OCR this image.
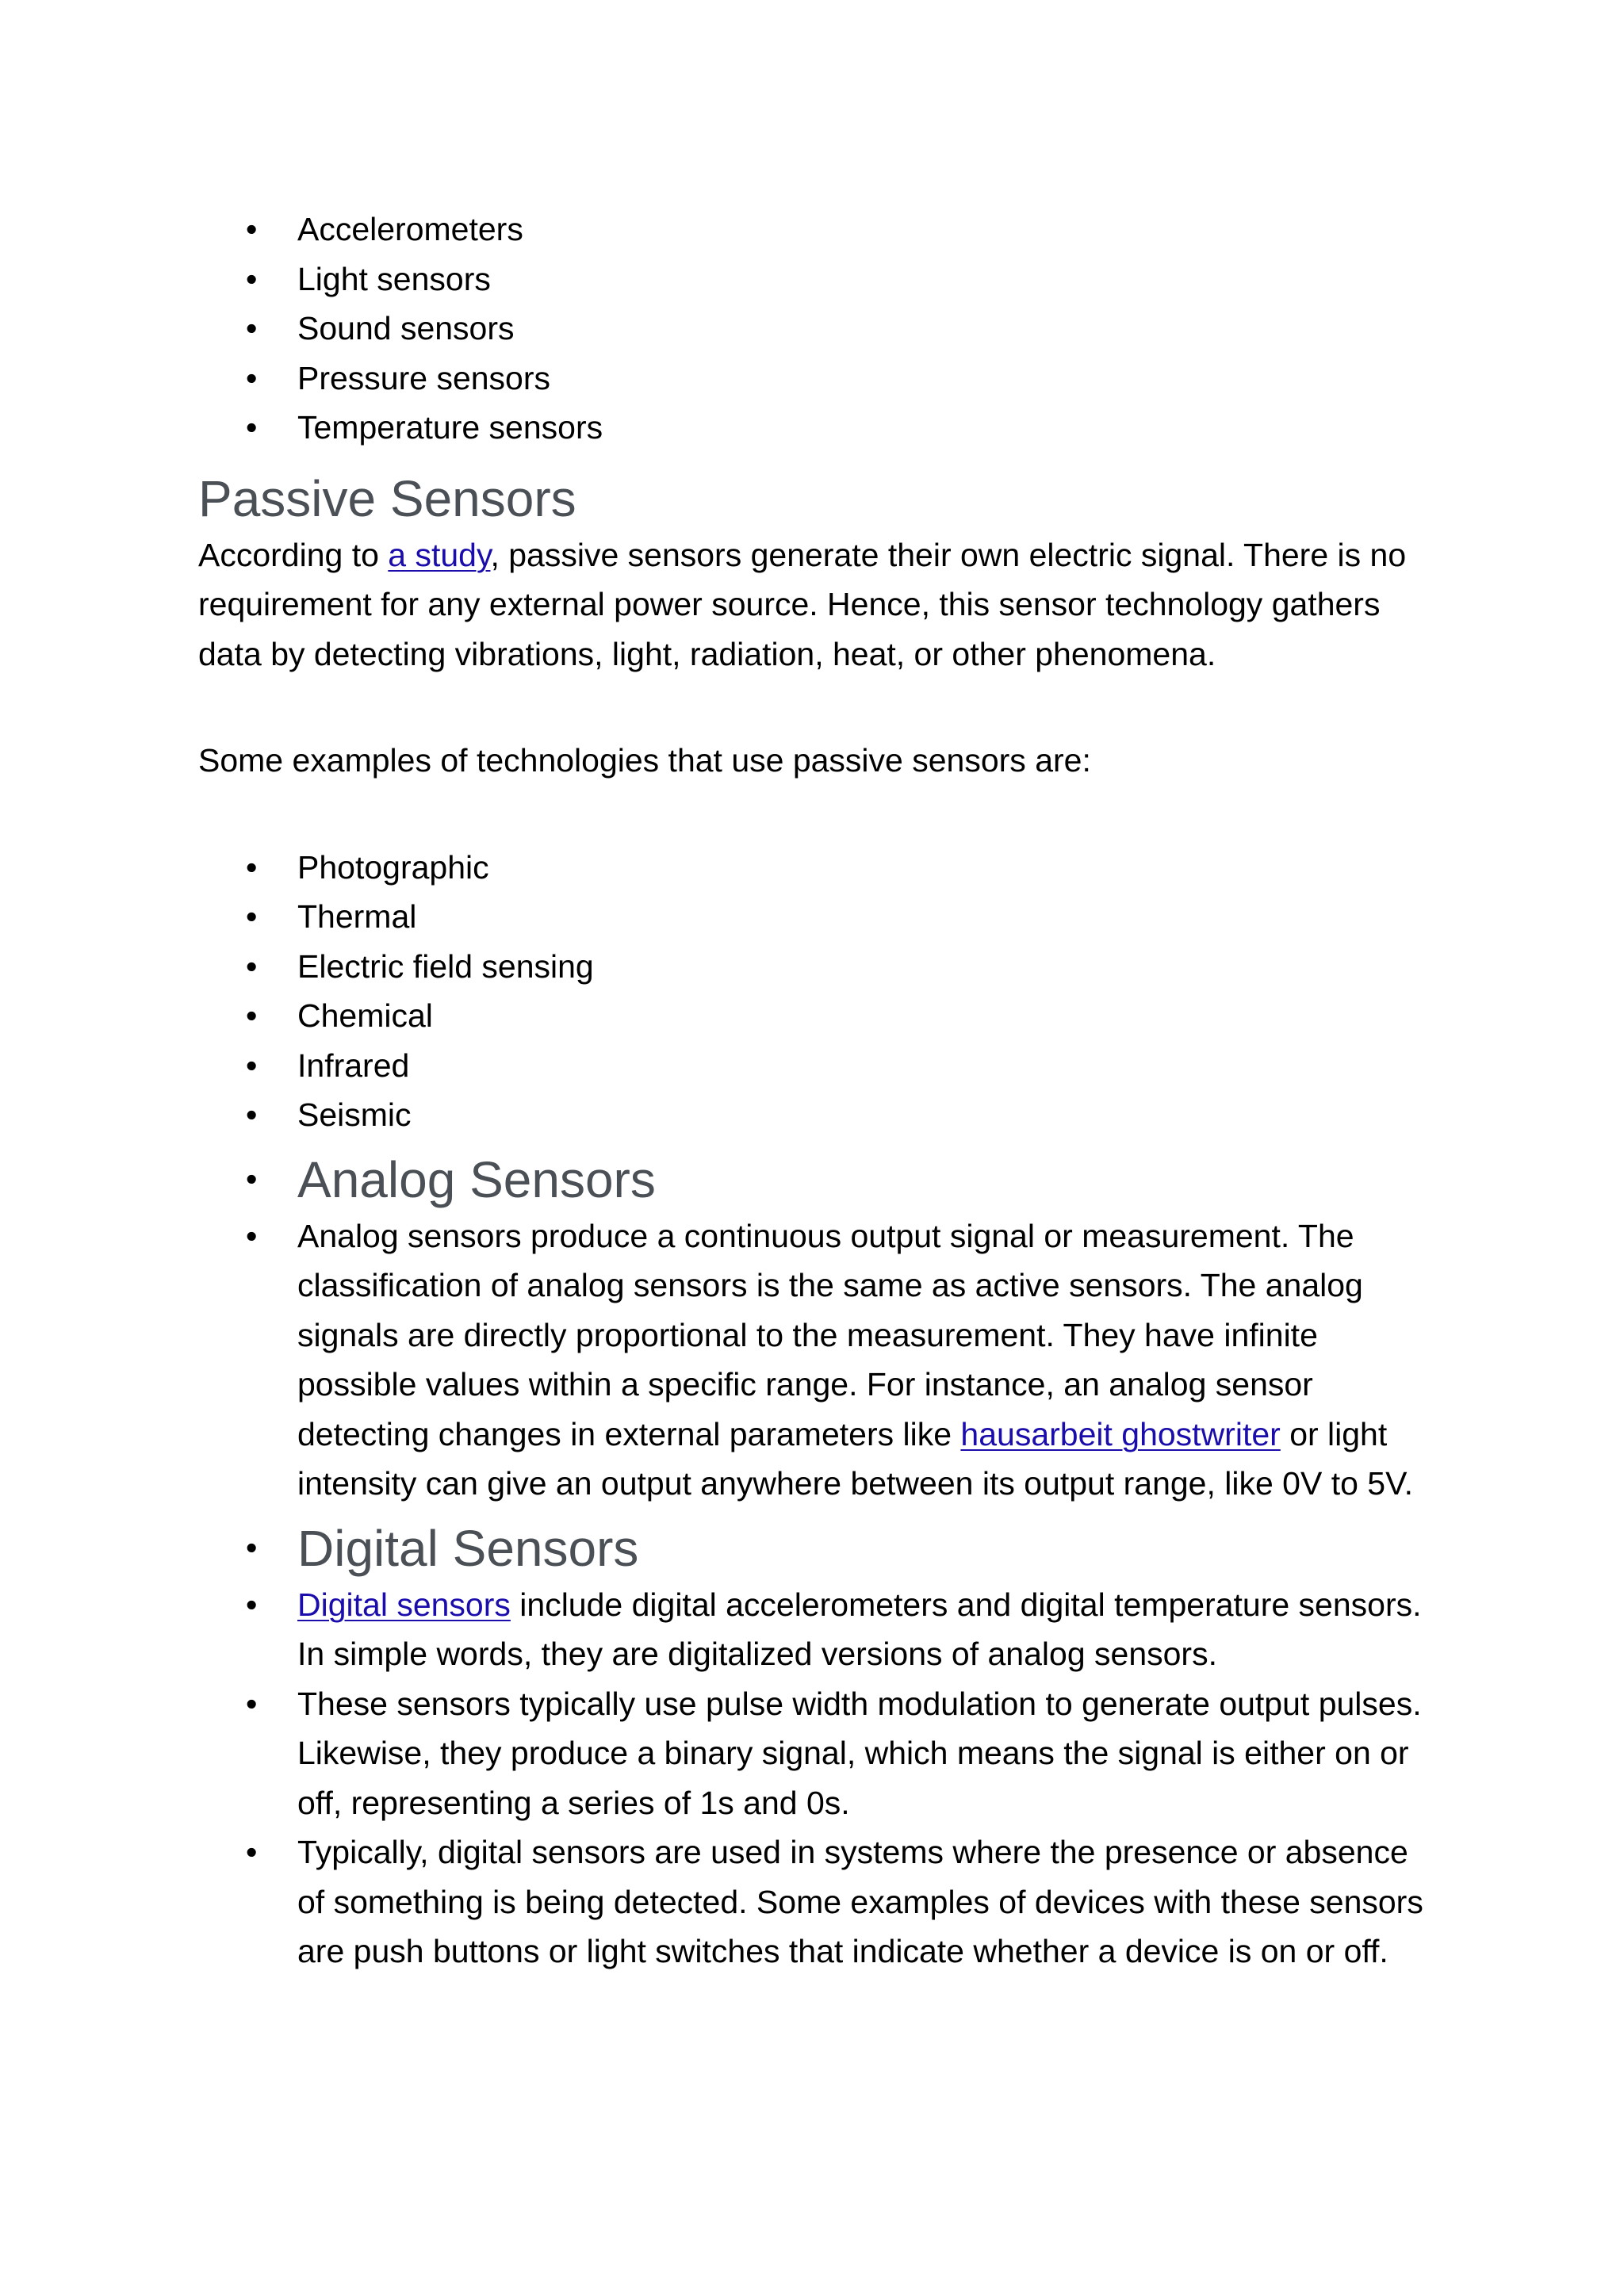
• Accelerometers
• Light sensors
• Sound sensors
• Pressure sensors
• Temperature sensors
Passive Sensors

According to a study, passive sensors generate their own electric signal. There is no requirement for any external power source. Hence, this sensor technology gathers data by detecting vibrations, light, radiation, heat, or other phenomena.

Some examples of technologies that use passive sensors are:

• Photographic
• Thermal
• Electric field sensing
• Chemical
• Infrared
• Seismic
• Analog Sensors
• Analog sensors produce a continuous output signal or measurement. The classification of analog sensors is the same as active sensors. The analog signals are directly proportional to the measurement. They have infinite possible values within a specific range. For instance, an analog sensor detecting changes in external parameters like hausarbeit ghostwriter or light intensity can give an output anywhere between its output range, like 0V to 5V.
• Digital Sensors
• Digital sensors include digital accelerometers and digital temperature sensors. In simple words, they are digitalized versions of analog sensors.
• These sensors typically use pulse width modulation to generate output pulses. Likewise, they produce a binary signal, which means the signal is either on or off, representing a series of 1s and 0s.
• Typically, digital sensors are used in systems where the presence or absence of something is being detected. Some examples of devices with these sensors are push buttons or light switches that indicate whether a device is on or off.
